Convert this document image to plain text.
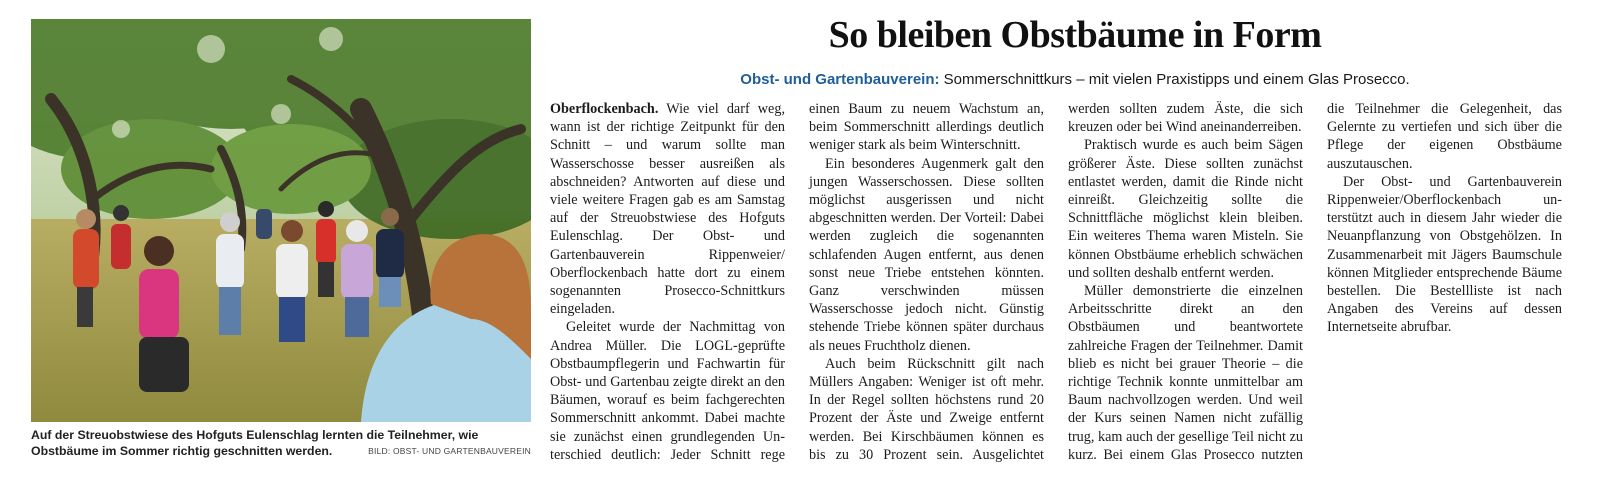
Auf der Streuobstwiese des Hofguts Eulenschlag lernten die Teilnehmer, wie Obstbäume im Sommer richtig geschnitten werden.	BILD: OBST- UND GARTENBAUVEREIN
So bleiben Obstbäume in Form
Obst- und Gartenbauverein: Sommerschnittkurs – mit vielen Praxistipps und einem Glas Prosecco.

Oberflockenbach. Wie viel darf weg, wann ist der richtige Zeitpunkt für den Schnitt – und warum sollte man Wasserschosse besser ausreißen als abschneiden? Antworten auf diese und viele weitere Fragen gab es am Samstag auf der Streuobstwiese des Hofguts Eulenschlag. Der Obst- und Gartenbauverein Rippenweier/ Oberflockenbach hatte dort zu einem sogenannten Prosecco-Schnittkurs eingeladen.

Geleitet wurde der Nachmittag von Andrea Müller. Die LOGL-geprüfte Obstbaumpflegerin und Fachwartin für Obst- und Gartenbau zeigte direkt an den Bäumen, worauf es beim fachgerechten Sommerschnitt ankommt. Dabei machte sie zunächst einen grundlegenden Unterschied deutlich: Jeder Schnitt rege einen Baum zu neuem Wachstum an, beim Sommerschnitt allerdings deutlich weniger stark als beim Winterschnitt.

Ein besonderes Augenmerk galt den jungen Wasserschossen. Diese sollten möglichst ausgerissen und nicht abgeschnitten werden. Der Vorteil: Dabei werden zugleich die sogenannten schlafenden Augen entfernt, aus denen sonst neue Triebe entstehen könnten. Ganz verschwinden müssen Wasserschosse jedoch nicht. Günstig stehende Triebe können später durchaus als neues Fruchtholz dienen.

Auch beim Rückschnitt gilt nach Müllers Angaben: Weniger ist oft mehr. In der Regel sollten höchstens rund 20 Prozent der Äste und Zweige entfernt werden. Bei Kirschbäumen können es bis zu 30 Prozent sein. Ausgelichtet werden sollten zudem Äste, die sich kreuzen oder bei Wind aneinanderreiben.

Praktisch wurde es auch beim Sägen größerer Äste. Diese sollten zunächst entlastet werden, damit die Rinde nicht einreißt. Gleichzeitig sollte die Schnittfläche möglichst klein bleiben. Ein weiteres Thema waren Misteln. Sie können Obstbäume erheblich schwächen und sollten deshalb entfernt werden.

Müller demonstrierte die einzelnen Arbeitsschritte direkt an den Obstbäumen und beantwortete zahlreiche Fragen der Teilnehmer. Damit blieb es nicht bei grauer Theorie – die richtige Technik konnte unmittelbar am Baum nachvollzogen werden. Und weil der Kurs seinen Namen nicht zufällig trug, kam auch der gesellige Teil nicht zu kurz. Bei einem Glas Prosecco nutzten die Teilnehmer die Gelegenheit, das Gelernte zu vertiefen und sich über die Pflege der eigenen Obstbäume auszutauschen.

Der Obst- und Gartenbauverein Rippenweier/Oberflockenbach unterstützt auch in diesem Jahr wieder die Neuanpflanzung von Obstgehölzen. In Zusammenarbeit mit Jägers Baumschule können Mitglieder entsprechende Bäume bestellen. Die Bestellliste ist nach Angaben des Vereins auf dessen Internetseite abrufbar.
